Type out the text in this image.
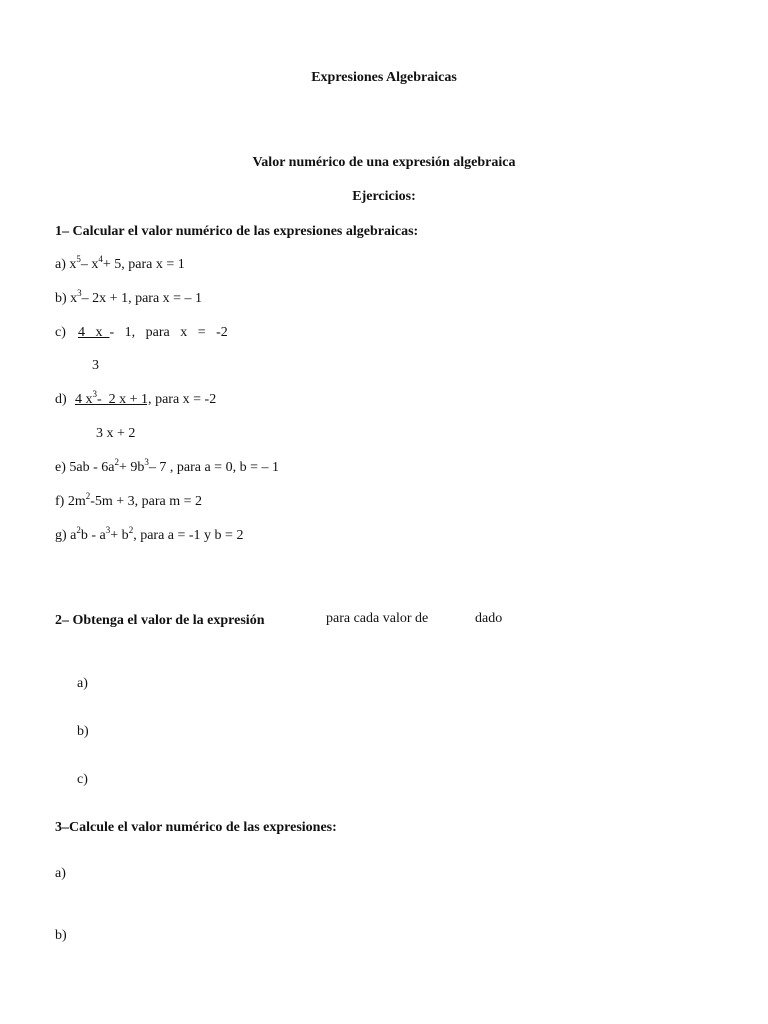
Expresiones Algebraicas
Valor numérico de una expresión algebraica
Ejercicios:
1– Calcular el valor numérico de las expresiones algebraicas:
a) $x^5-$ $x^4+ 5$, para x = 1
b) $x^3-$ 2x + 1, para x = – 1
c) 4   x  -   1,   para   x   =   -2
3
d) 4 $x^3-$  2 x + 1, para x = -2
3 x + 2
e) $5ab - 6a^2+ 9b^3-$ 7 , para a = 0, b = – 1
f) $2m^2-5m + 3$, para m = 2
g) $a^2b - a^3+ b^2$, para a = -1 y b = 2
2– Obtenga el valor de la expresión	para cada valor de	dado
a)
b)
c)
3–Calcule el valor numérico de las expresiones:
a)
b)
